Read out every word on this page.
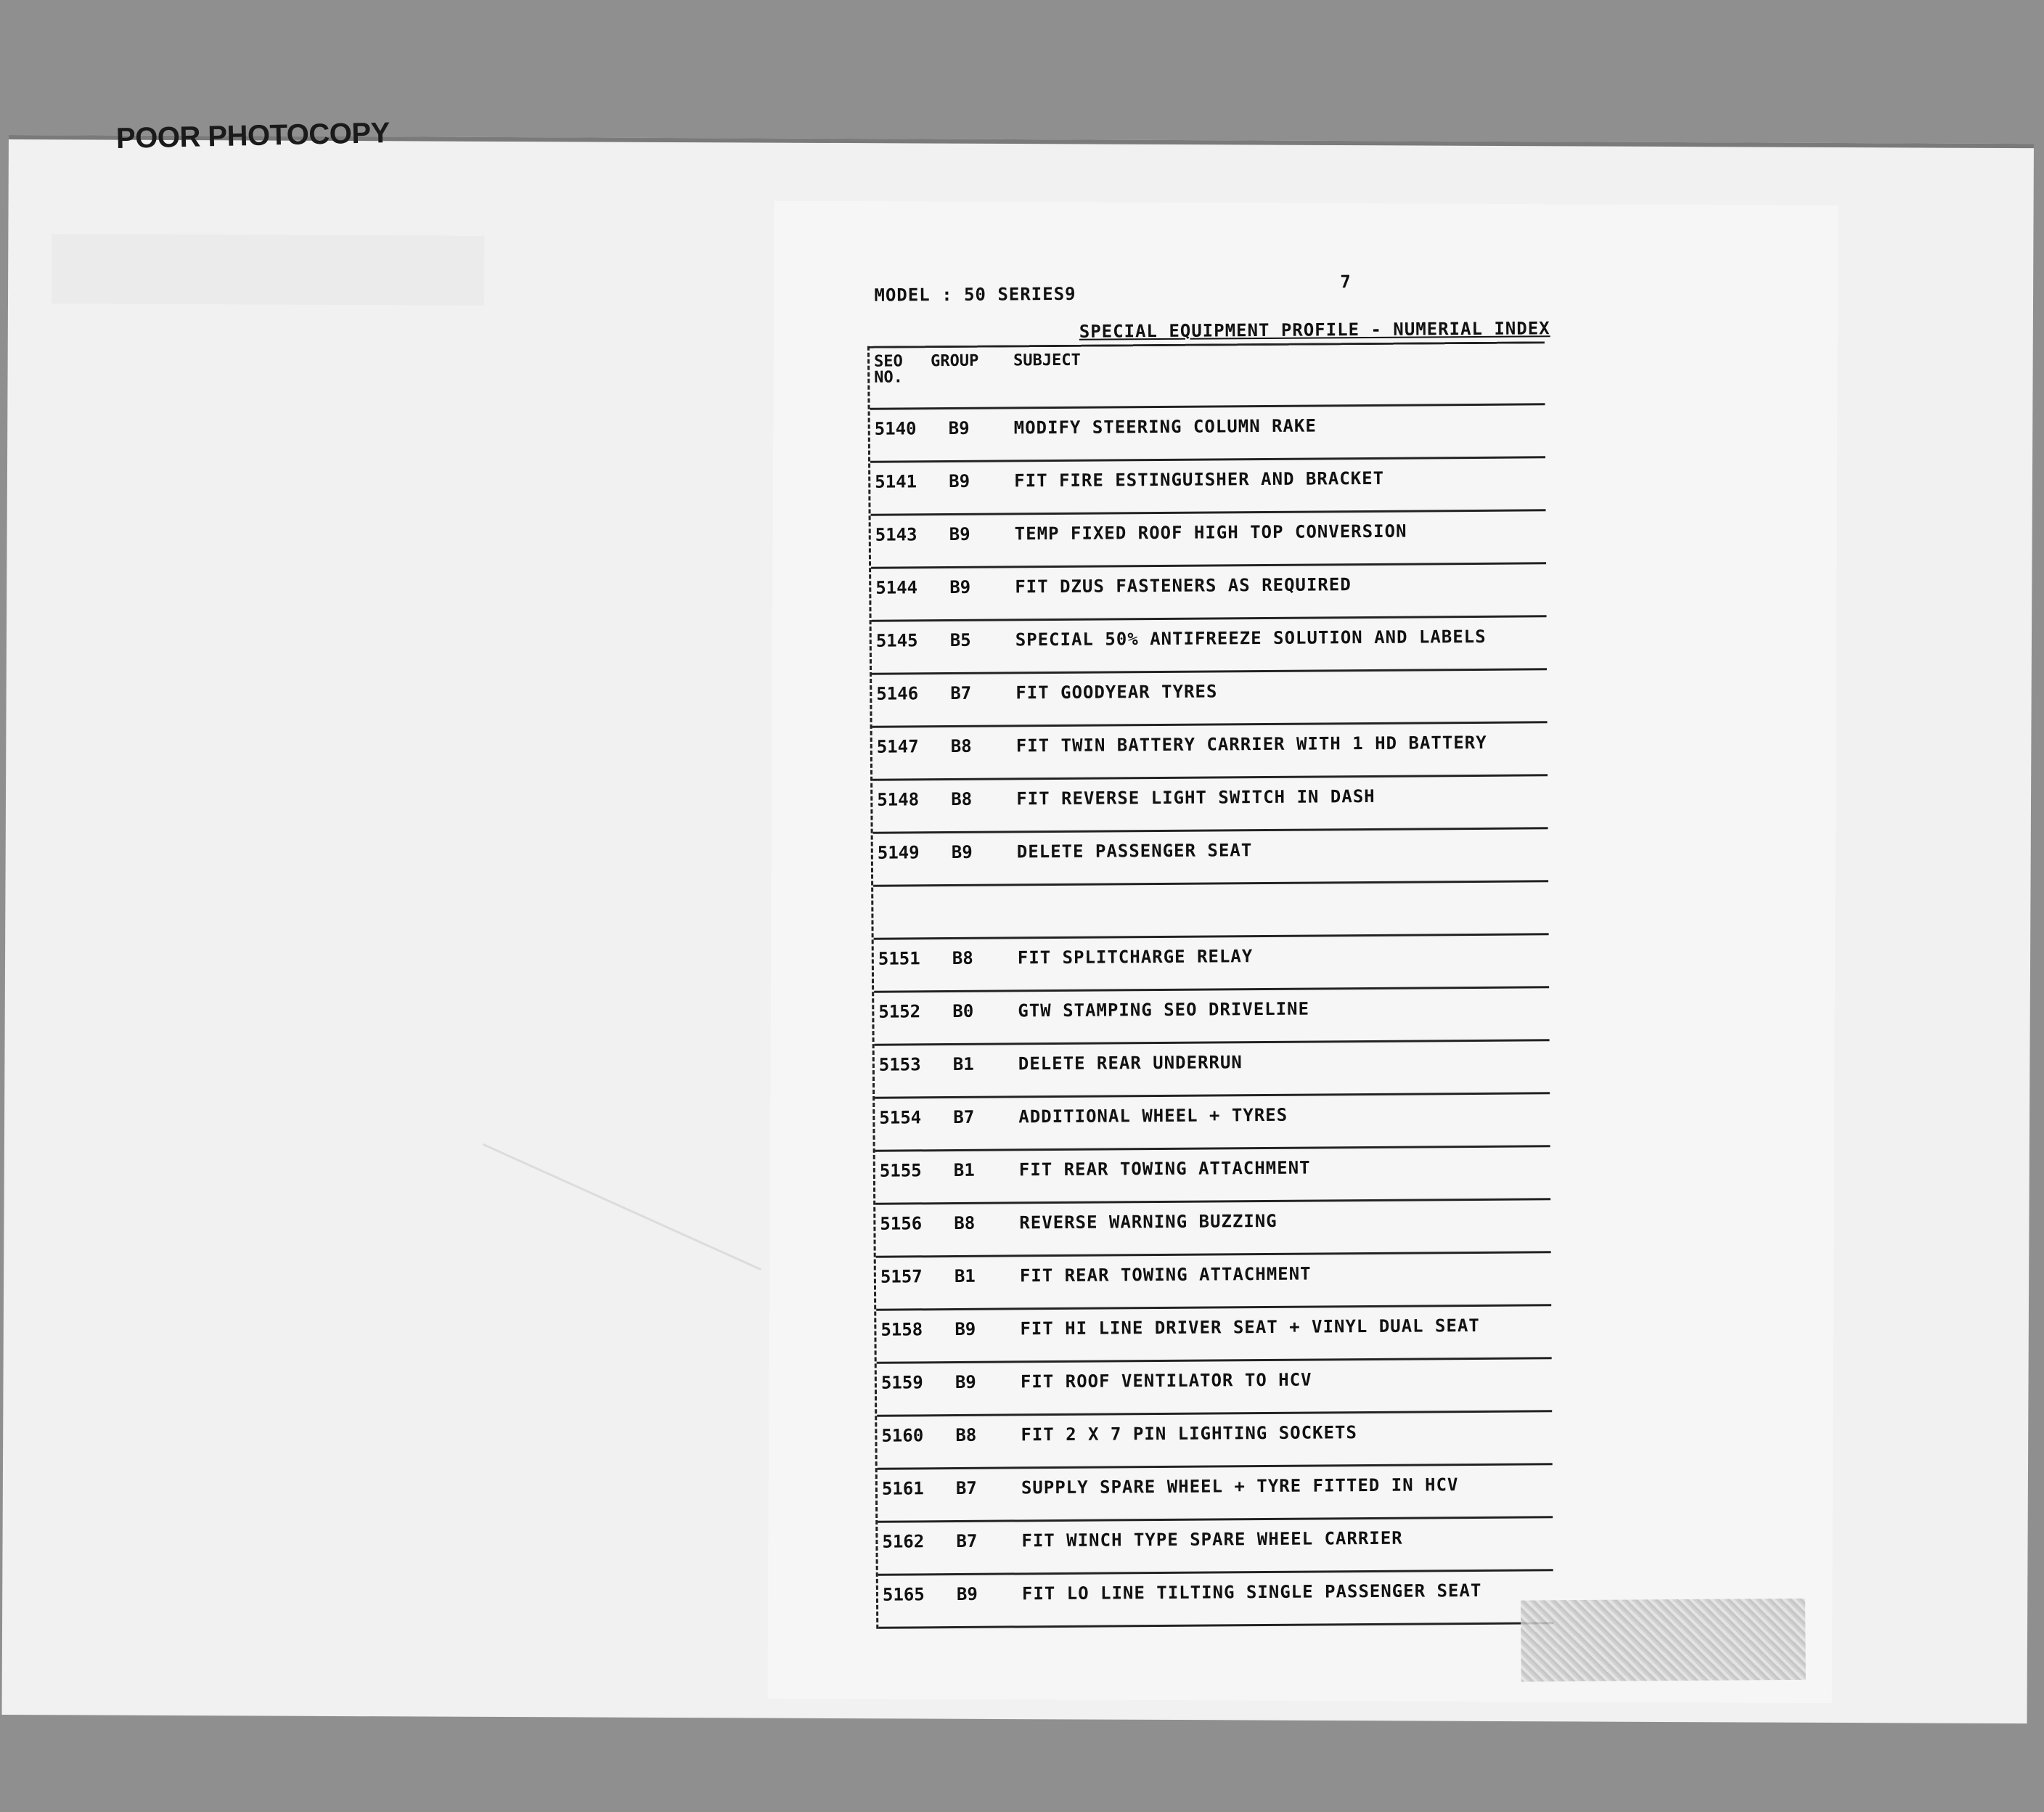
POOR PHOTOCOPY
MODEL : 50 SERIES9
7
SPECIAL EQUIPMENT PROFILE - NUMERIAL INDEX
SEO
NO.
GROUP SUBJECT
5140 B9	MODIFY STEERING COLUMN RAKE
5141 B9	FIT FIRE ESTINGUISHER AND BRACKET
5143 B9	TEMP FIXED ROOF HIGH TOP CONVERSION
5144 B9	FIT DZUS FASTENERS AS REQUIRED
5145 B5	SPECIAL 50% ANTIFREEZE SOLUTION AND LABELS
5146 B7	FIT GOODYEAR TYRES
5147 B8	FIT TWIN BATTERY CARRIER WITH 1 HD BATTERY
5148 B8	FIT REVERSE LIGHT SWITCH IN DASH
5149 B9	DELETE PASSENGER SEAT
5151 B8	FIT SPLITCHARGE RELAY
5152 B0	GTW STAMPING SEO DRIVELINE
5153 B1	DELETE REAR UNDERRUN
5154 B7	ADDITIONAL WHEEL + TYRES
5155 B1	FIT REAR TOWING ATTACHMENT
5156 B8	REVERSE WARNING BUZZING
5157 B1	FIT REAR TOWING ATTACHMENT
5158 B9	FIT HI LINE DRIVER SEAT + VINYL DUAL SEAT
5159 B9	FIT ROOF VENTILATOR TO HCV
5160 B8	FIT 2 X 7 PIN LIGHTING SOCKETS
5161 B7	SUPPLY SPARE WHEEL + TYRE FITTED IN HCV
5162 B7	FIT WINCH TYPE SPARE WHEEL CARRIER
5165 B9	FIT LO LINE TILTING SINGLE PASSENGER SEAT
